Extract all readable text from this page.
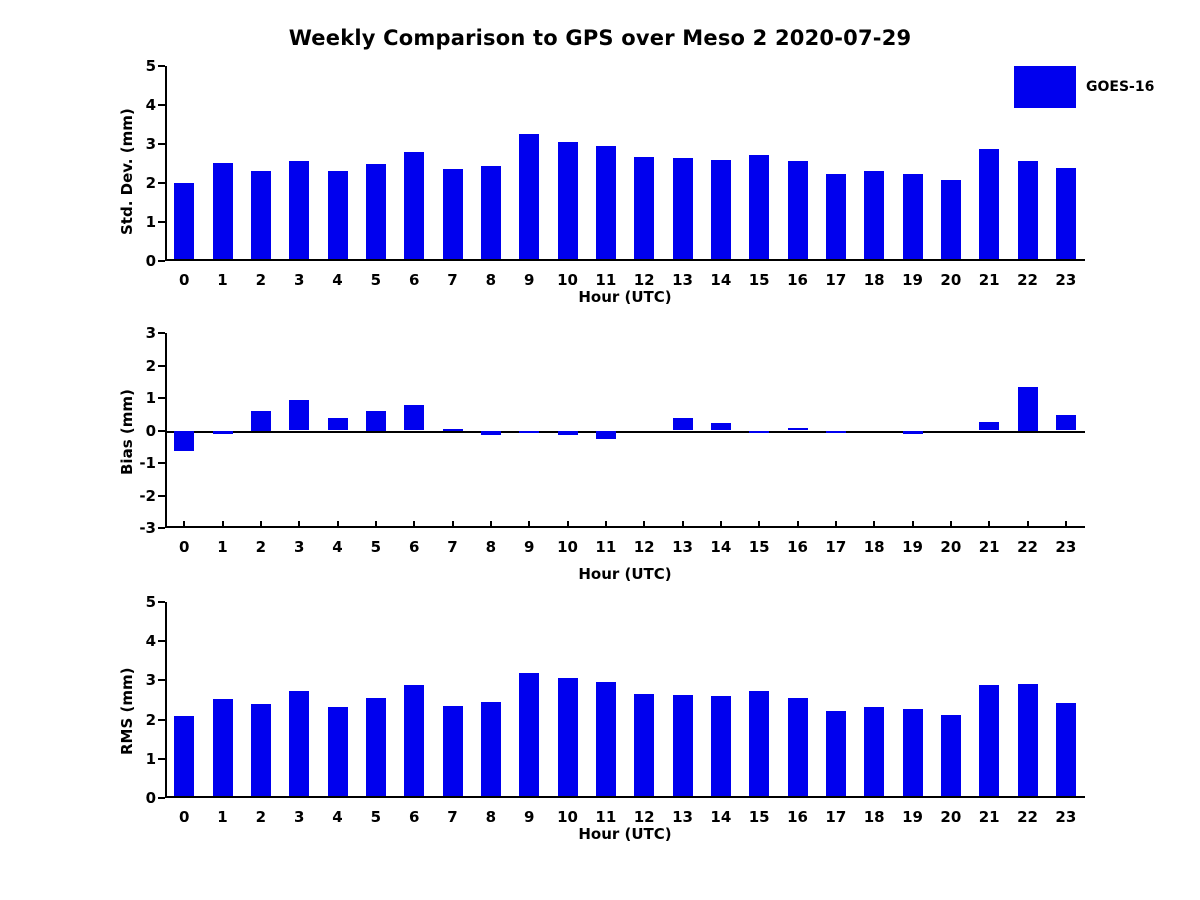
Weekly Comparison to GPS over Meso 2 2020-07-29
0
1
2
3
4
5
0 1 2 3 4 5 6 7 8 9 10 11 12 13 14 15 16 17 18 19 20 21 22 23
Std. Dev. (mm)
Hour (UTC)
-3
-2
-1
0
1
2
3
0 1 2 3 4 5 6 7 8 9 10 11 12 13 14 15 16 17 18 19 20 21 22 23
Bias (mm)
Hour (UTC)
0
1
2
3
4
5
0 1 2 3 4 5 6 7 8 9 10 11 12 13 14 15 16 17 18 19 20 21 22 23
RMS (mm)
Hour (UTC)
GOES-16
